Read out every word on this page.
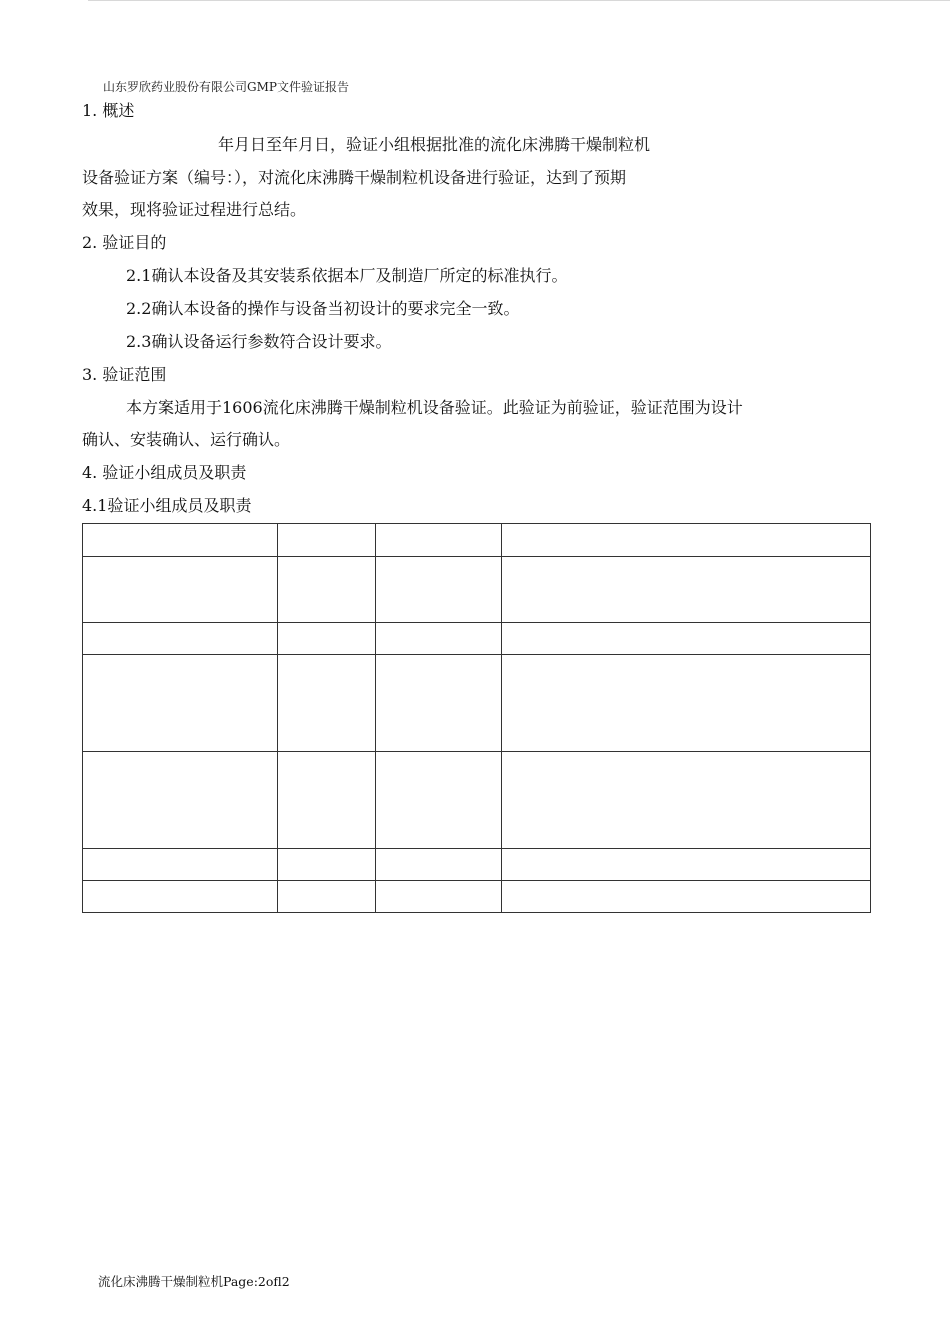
山东罗欣药业股份有限公司GMP文件验证报告
1. 概述
年月日至年月日，验证小组根据批准的流化床沸腾干燥制粒机
设备验证方案（编号：），对流化床沸腾干燥制粒机设备进行验证，达到了预期
效果，现将验证过程进行总结。
2. 验证目的
2.1确认本设备及其安装系依据本厂及制造厂所定的标准执行。
2.2确认本设备的操作与设备当初设计的要求完全一致。
2.3确认设备运行参数符合设计要求。
3. 验证范围
本方案适用于1606流化床沸腾干燥制粒机设备验证。此验证为前验证，验证范围为设计
确认、安装确认、运行确认。
4. 验证小组成员及职责
4.1验证小组成员及职责

流化床沸腾干燥制粒机Page:2ofl2
